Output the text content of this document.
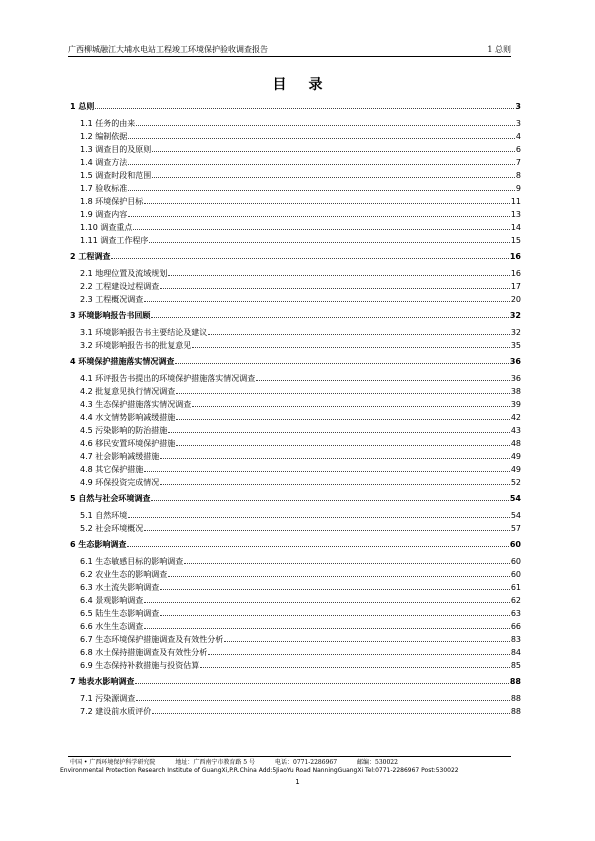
广西柳城融江大埔水电站工程竣工环境保护验收调查报告	1 总则
目录
1 总则	3
1.1 任务的由来	3
1.2 编制依据	4
1.3 调查目的及原则	6
1.4 调查方法	7
1.5 调查时段和范围	8
1.7 验收标准	9
1.8 环境保护目标	11
1.9 调查内容	13
1.10 调查重点	14
1.11 调查工作程序	15
2 工程调查	16
2.1 地理位置及流域规划	16
2.2 工程建设过程调查	17
2.3 工程概况调查	20
3 环境影响报告书回顾	32
3.1 环境影响报告书主要结论及建议	32
3.2 环境影响报告书的批复意见	35
4 环境保护措施落实情况调查	36
4.1 环评报告书提出的环境保护措施落实情况调查	36
4.2 批复意见执行情况调查	38
4.3 生态保护措施落实情况调查	39
4.4 水文情势影响减缓措施	42
4.5 污染影响的防治措施	43
4.6 移民安置环境保护措施	48
4.7 社会影响减缓措施	49
4.8 其它保护措施	49
4.9 环保投资完成情况	52
5 自然与社会环境调查	54
5.1 自然环境	54
5.2 社会环境概况	57
6 生态影响调查	60
6.1 生态敏感目标的影响调查	60
6.2 农业生态的影响调查	60
6.3 水土流失影响调查	61
6.4 景观影响调查	62
6.5 陆生生态影响调查	63
6.6 水生生态调查	66
6.7 生态环境保护措施调查及有效性分析	83
6.8 水土保持措施调查及有效性分析	84
6.9 生态保持补救措施与投资估算	85
7 地表水影响调查	88
7.1 污染源调查	88
7.2 建设前水质评价	88
中国 • 广西环境保护科学研究院	地址：广西南宁市教育路 5 号	电话：0771-2286967	邮编：530022
Environmental Protection Research Institute of GuangXi,P.R.China Add:5JiaoYu Road NanningGuangXi Tel:0771-2286967 Post:530022
1
